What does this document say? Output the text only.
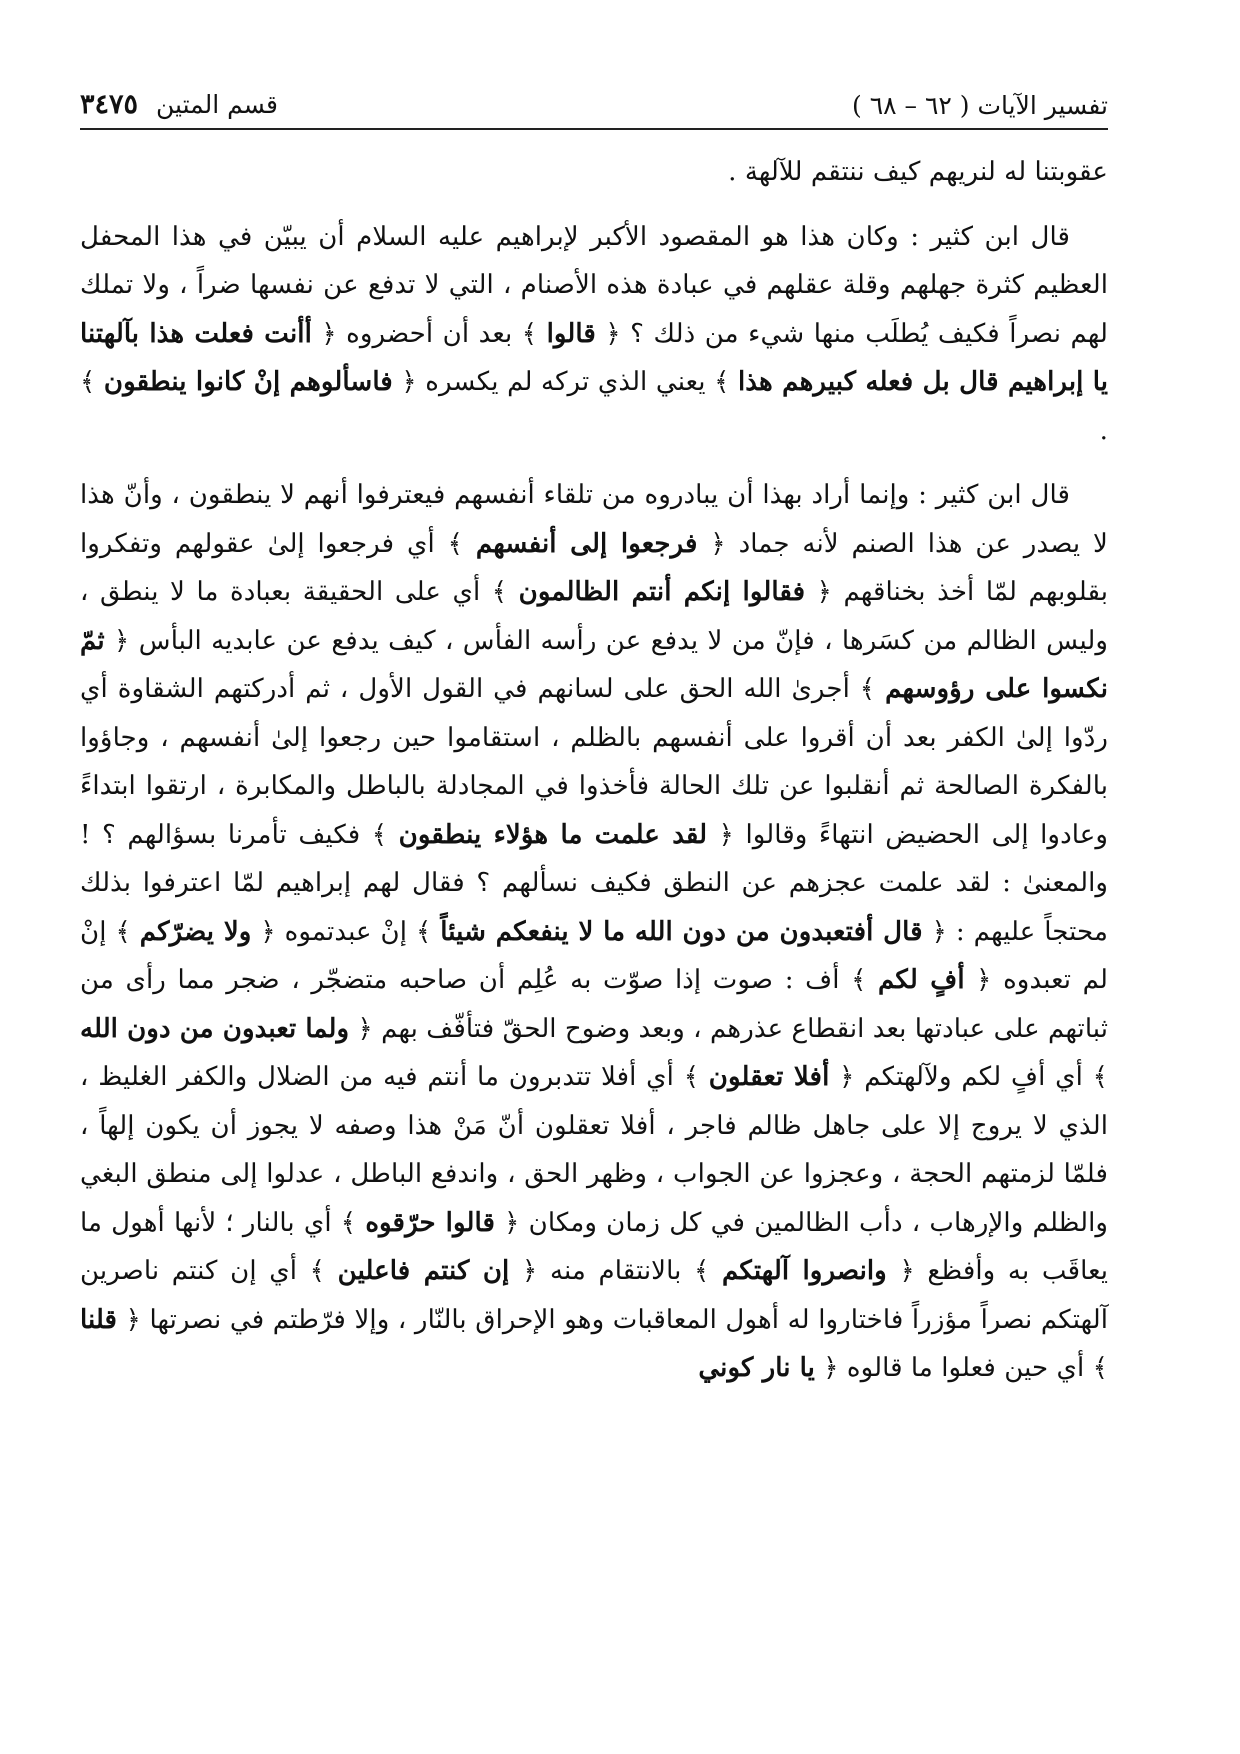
تفسير الآيات ( ٦٢ – ٦٨ )
قسم المتين
٣٤٧٥

عقوبتنا له لنريهم كيف ننتقم للآلهة .

قال ابن كثير : وكان هذا هو المقصود الأكبر لإبراهيم عليه السلام أن يبيّن في هذا المحفل العظيم كثرة جهلهم وقلة عقلهم في عبادة هذه الأصنام ، التي لا تدفع عن نفسها ضراً ، ولا تملك لهم نصراً فكيف يُطلَب منها شيء من ذلك ؟ ﴿ قالوا ﴾ بعد أن أحضروه ﴿ أأنت فعلت هذا بآلهتنا يا إبراهيم قال بل فعله كبيرهم هذا ﴾ يعني الذي تركه لم يكسره ﴿ فاسألوهم إنْ كانوا ينطقون ﴾ .

قال ابن كثير : وإنما أراد بهذا أن يبادروه من تلقاء أنفسهم فيعترفوا أنهم لا ينطقون ، وأنّ هذا لا يصدر عن هذا الصنم لأنه جماد ﴿ فرجعوا إلى أنفسهم ﴾ أي فرجعوا إلىٰ عقولهم وتفكروا بقلوبهم لمّا أخذ بخناقهم ﴿ فقالوا إنكم أنتم الظالمون ﴾ أي على الحقيقة بعبادة ما لا ينطق ، وليس الظالم من كسَرها ، فإنّ من لا يدفع عن رأسه الفأس ، كيف يدفع عن عابديه البأس ﴿ ثمّ نكسوا على رؤوسهم ﴾ أجرىٰ الله الحق على لسانهم في القول الأول ، ثم أدركتهم الشقاوة أي ردّوا إلىٰ الكفر بعد أن أقروا على أنفسهم بالظلم ، استقاموا حين رجعوا إلىٰ أنفسهم ، وجاؤوا بالفكرة الصالحة ثم أنقلبوا عن تلك الحالة فأخذوا في المجادلة بالباطل والمكابرة ، ارتقوا ابتداءً وعادوا إلى الحضيض انتهاءً وقالوا ﴿ لقد علمت ما هؤلاء ينطقون ﴾ فكيف تأمرنا بسؤالهم ؟ !والمعنىٰ : لقد علمت عجزهم عن النطق فكيف نسألهم ؟ فقال لهم إبراهيم لمّا اعترفوا بذلك محتجاً عليهم : ﴿ قال أفتعبدون من دون الله ما لا ينفعكم شيئاً ﴾ إنْ عبدتموه ﴿ ولا يضرّكم ﴾ إنْ لم تعبدوه ﴿ أفٍ لكم ﴾ أف : صوت إذا صوّت به عُلِم أن صاحبه متضجّر ، ضجر مما رأى من ثباتهم على عبادتها بعد انقطاع عذرهم ، وبعد وضوح الحقّ فتأفّف بهم ﴿ ولما تعبدون من دون الله ﴾ أي أفٍ لكم ولآلهتكم ﴿ أفلا تعقلون ﴾ أي أفلا تتدبرون ما أنتم فيه من الضلال والكفر الغليظ ، الذي لا يروج إلا على جاهل ظالم فاجر ، أفلا تعقلون أنّ مَنْ هذا وصفه لا يجوز أن يكون إلهاً ، فلمّا لزمتهم الحجة ، وعجزوا عن الجواب ، وظهر الحق ، واندفع الباطل ، عدلوا إلى منطق البغي والظلم والإرهاب ، دأب الظالمين في كل زمان ومكان ﴿ قالوا حرّقوه ﴾ أي بالنار ؛ لأنها أهول ما يعاقَب به وأفظع ﴿ وانصروا آلهتكم ﴾ بالانتقام منه ﴿ إن كنتم فاعلين ﴾ أي إن كنتم ناصرين آلهتكم نصراً مؤزراً فاختاروا له أهول المعاقبات وهو الإحراق بالنّار ، وإلا فرّطتم في نصرتها ﴿ قلنا ﴾ أي حين فعلوا ما قالوه ﴿ يا نار كوني
